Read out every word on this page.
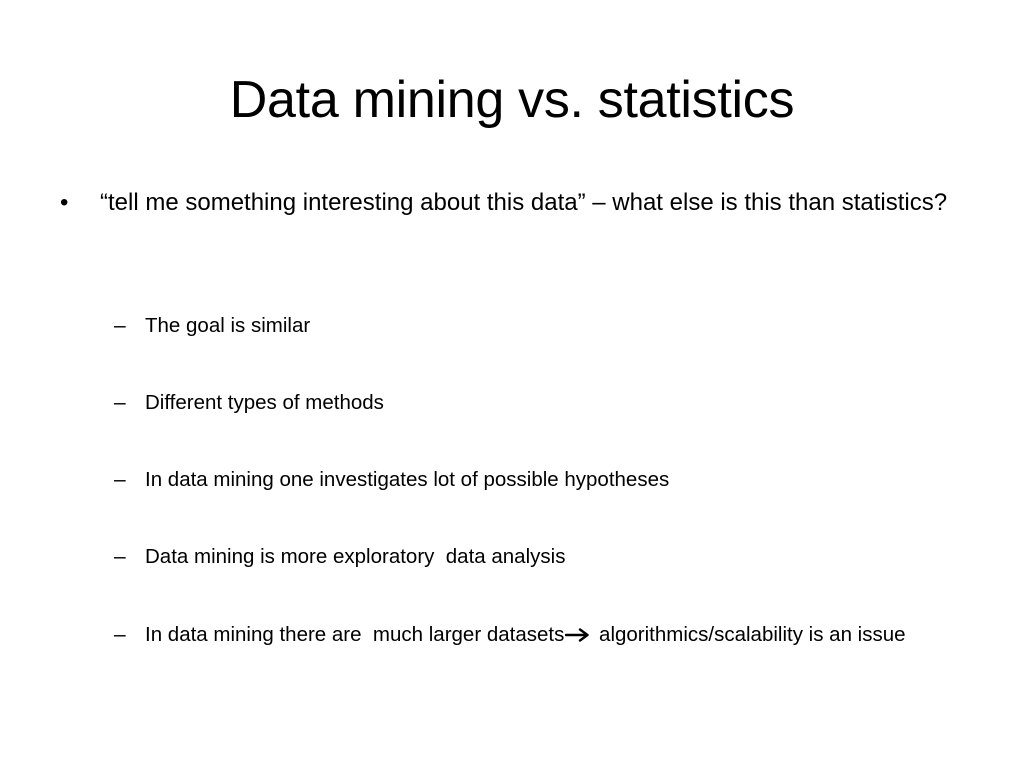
Data mining vs. statistics
• “tell me something interesting about this data” – what else is this than statistics?
– The goal is similar
– Different types of methods
– In data mining one investigates lot of possible hypotheses
– Data mining is more exploratory  data analysis
– In data mining there are  much larger datasets
algorithmics/scalability is an issue
